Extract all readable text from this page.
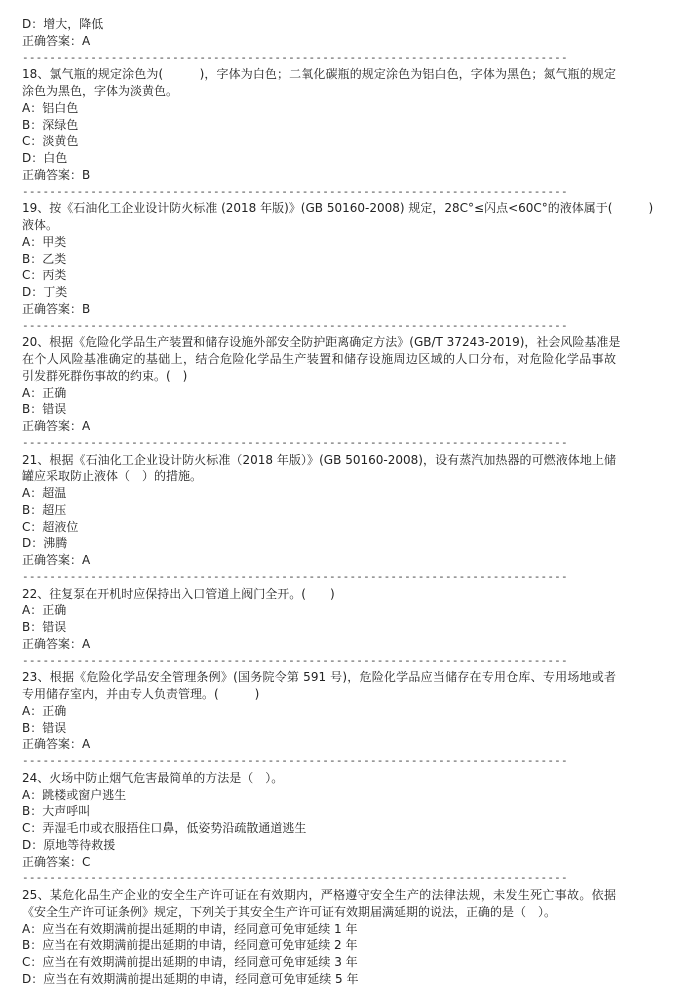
D：增大，降低
正确答案：A
--------------------------------------------------------------------------------
18、氯气瓶的规定涂色为(　　　)，字体为白色；二氧化碳瓶的规定涂色为铝白色，字体为黑色；氮气瓶的规定
涂色为黑色，字体为淡黄色。
A：铝白色
B：深绿色
C：淡黄色
D：白色
正确答案：B
--------------------------------------------------------------------------------
19、按《石油化工企业设计防火标准 (2018 年版)》(GB 50160-2008) 规定，28C°≤闪点<60C°的液体属于(　　　)
液体。
A：甲类
B：乙类
C：丙类
D：丁类
正确答案：B
--------------------------------------------------------------------------------
20、根据《危险化学品生产装置和储存设施外部安全防护距离确定方法》(GB/T 37243-2019)，社会风险基准是
在个人风险基准确定的基础上，结合危险化学品生产装置和储存设施周边区域的人口分布，对危险化学品事故
引发群死群伤事故的约束。(　)
A：正确
B：错误
正确答案：A
--------------------------------------------------------------------------------
21、根据《石油化工企业设计防火标准（2018 年版）》(GB 50160-2008)，设有蒸汽加热器的可燃液体地上储
罐应采取防止液体（　）的措施。
A：超温
B：超压
C：超液位
D：沸腾
正确答案：A
--------------------------------------------------------------------------------
22、往复泵在开机时应保持出入口管道上阀门全开。(　　)
A：正确
B：错误
正确答案：A
--------------------------------------------------------------------------------
23、根据《危险化学品安全管理条例》(国务院令第 591 号)，危险化学品应当储存在专用仓库、专用场地或者
专用储存室内，并由专人负责管理。(　　　)
A：正确
B：错误
正确答案：A
--------------------------------------------------------------------------------
24、火场中防止烟气危害最简单的方法是（　）。
A：跳楼或窗户逃生
B：大声呼叫
C：弄湿毛巾或衣服捂住口鼻，低姿势沿疏散通道逃生
D：原地等待救援
正确答案：C
--------------------------------------------------------------------------------
25、某危化品生产企业的安全生产许可证在有效期内，严格遵守安全生产的法律法规，未发生死亡事故。依据
《安全生产许可证条例》规定，下列关于其安全生产许可证有效期届满延期的说法，正确的是（　）。
A：应当在有效期满前提出延期的申请，经同意可免审延续 1 年
B：应当在有效期满前提出延期的申请，经同意可免审延续 2 年
C：应当在有效期满前提出延期的申请，经同意可免审延续 3 年
D：应当在有效期满前提出延期的申请，经同意可免审延续 5 年
